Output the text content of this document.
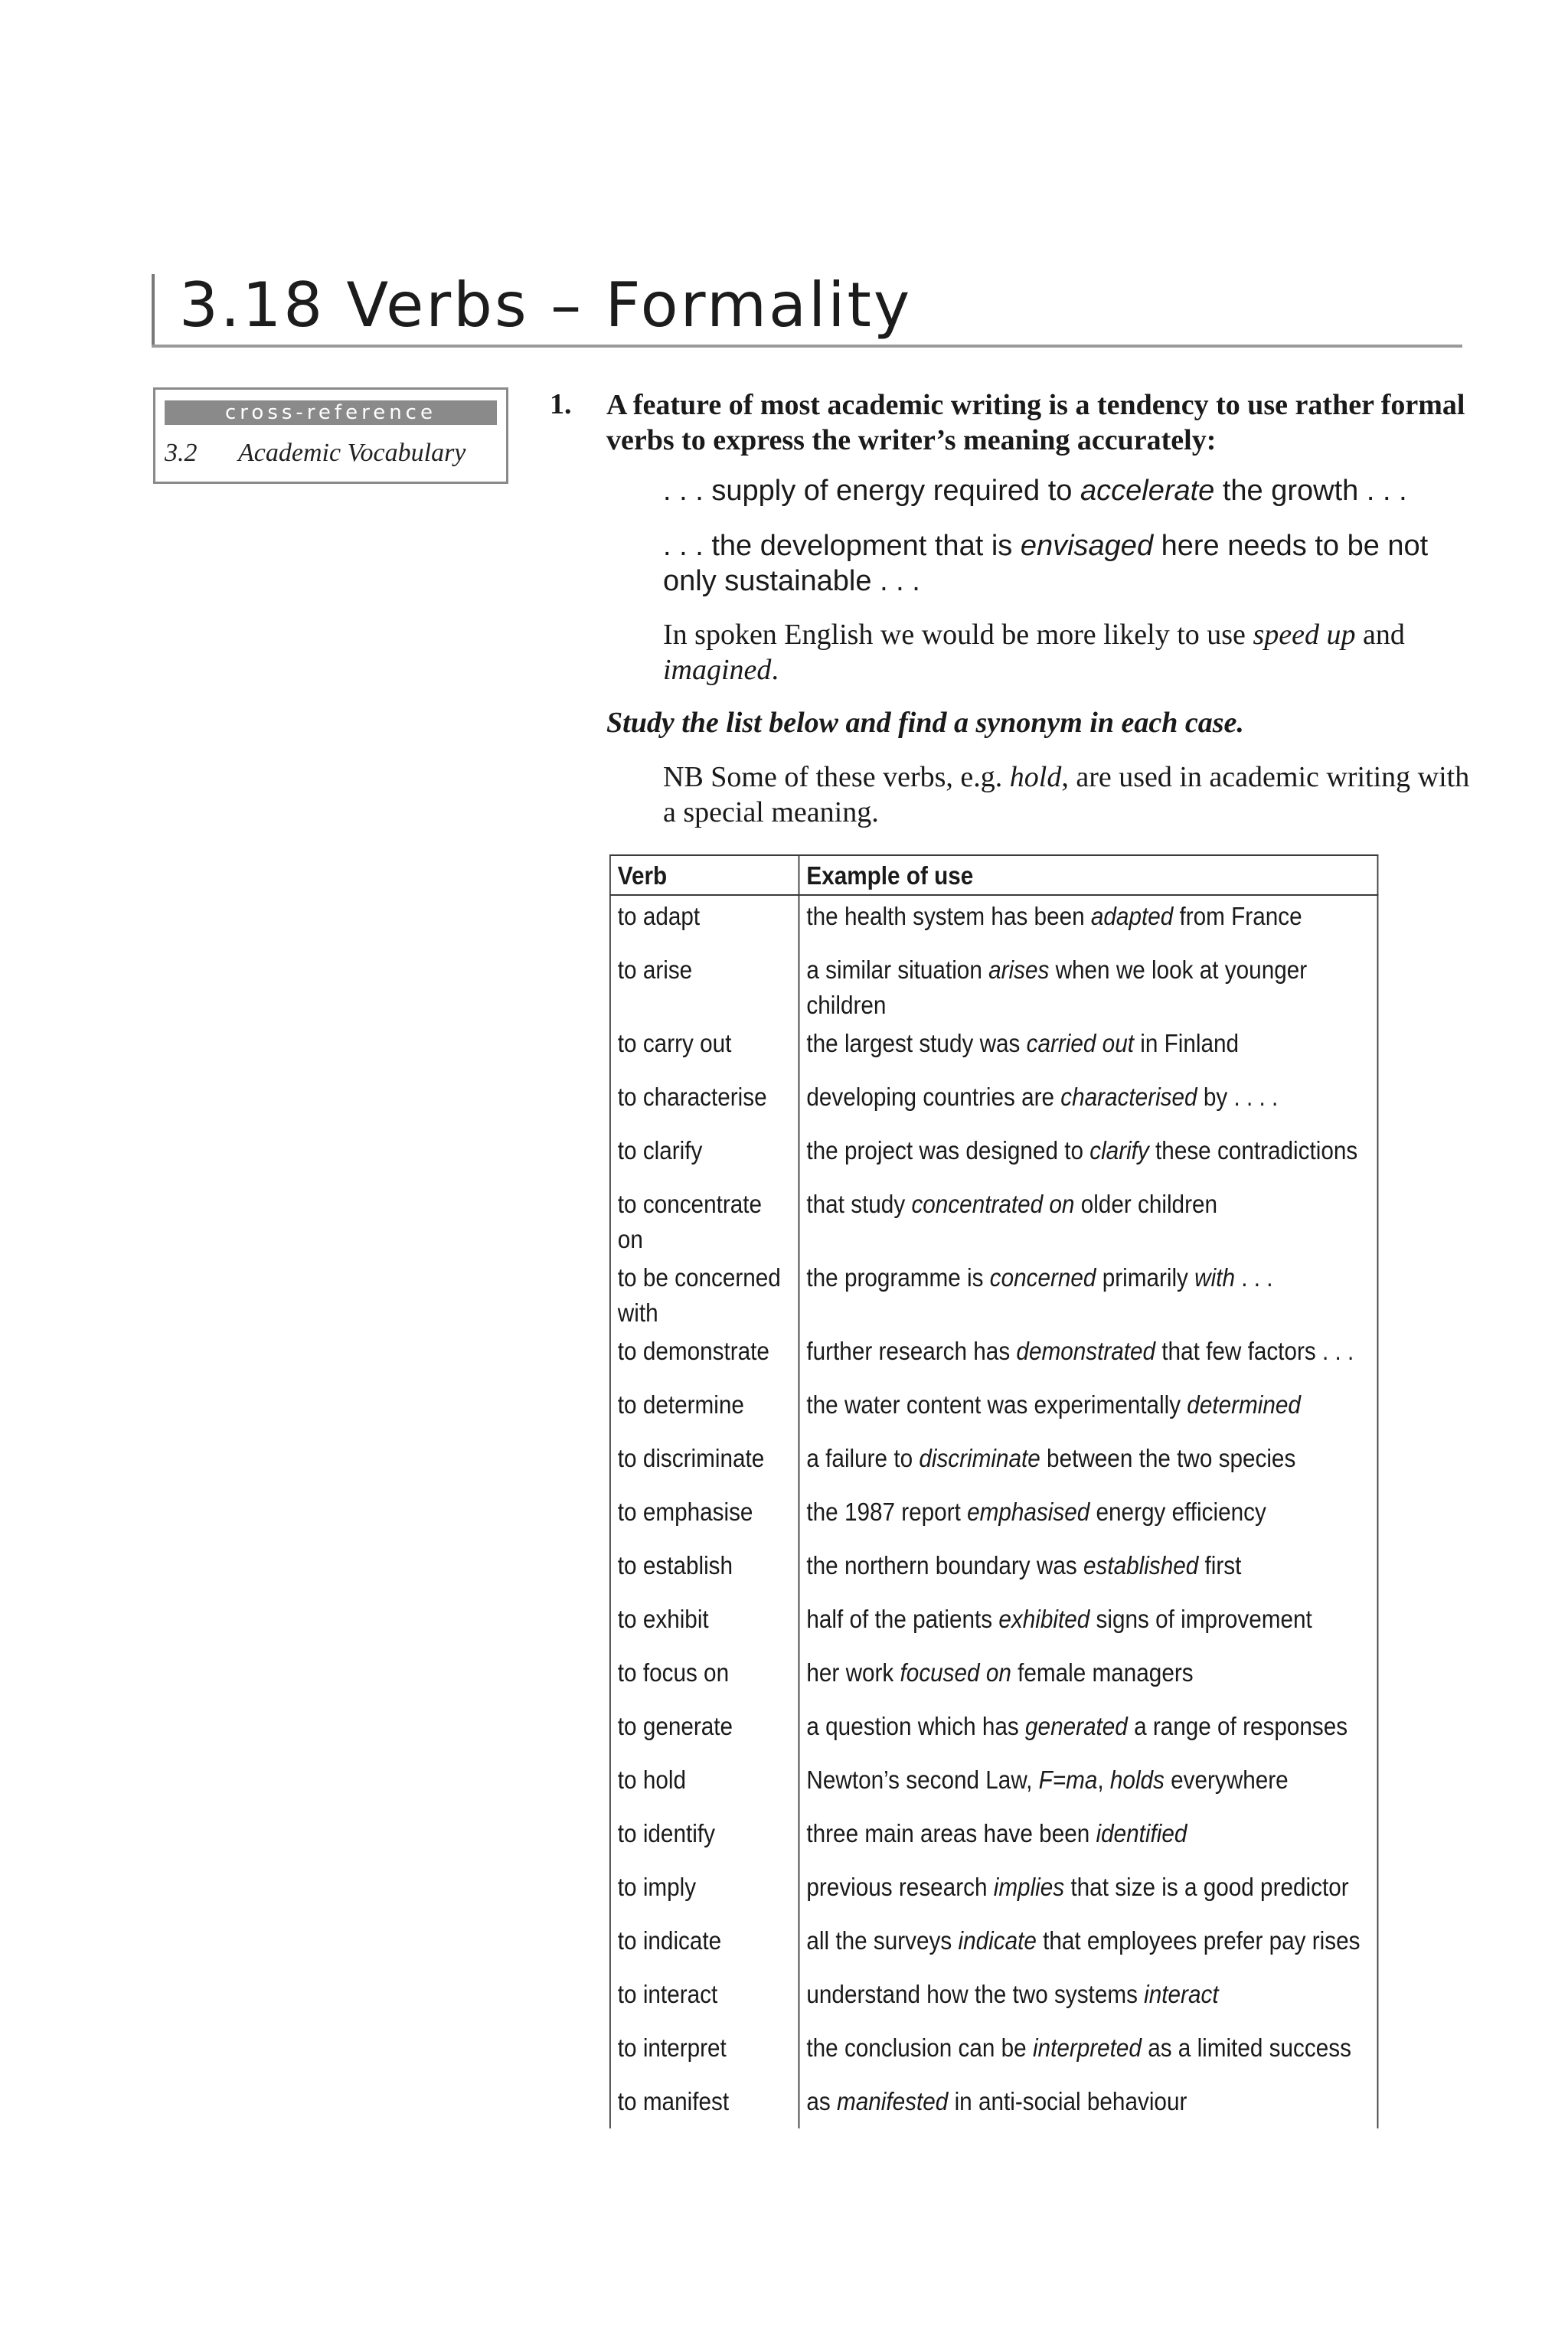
3.18 Verbs – Formality
cross-reference
3.2 Academic Vocabulary
1. A feature of most academic writing is a tendency to use rather formal verbs to express the writer’s meaning accurately:
. . . supply of energy required to accelerate the growth . . .
. . . the development that is envisaged here needs to be not only sustainable . . .
In spoken English we would be more likely to use speed up and imagined.
Study the list below and find a synonym in each case.
NB Some of these verbs, e.g. hold, are used in academic writing with a special meaning.
Verb	Example of use
to adapt	the health system has been adapted from France
to arise	a similar situation arises when we look at younger children
to carry out	the largest study was carried out in Finland
to characterise	developing countries are characterised by . . . .
to clarify	the project was designed to clarify these contradictions
to concentrate on	that study concentrated on older children
to be concerned with	the programme is concerned primarily with . . .
to demonstrate	further research has demonstrated that few factors . . .
to determine	the water content was experimentally determined
to discriminate	a failure to discriminate between the two species
to emphasise	the 1987 report emphasised energy efficiency
to establish	the northern boundary was established first
to exhibit	half of the patients exhibited signs of improvement
to focus on	her work focused on female managers
to generate	a question which has generated a range of responses
to hold	Newton’s second Law, F=ma, holds everywhere
to identify	three main areas have been identified
to imply	previous research implies that size is a good predictor
to indicate	all the surveys indicate that employees prefer pay rises
to interact	understand how the two systems interact
to interpret	the conclusion can be interpreted as a limited success
to manifest	as manifested in anti-social behaviour
